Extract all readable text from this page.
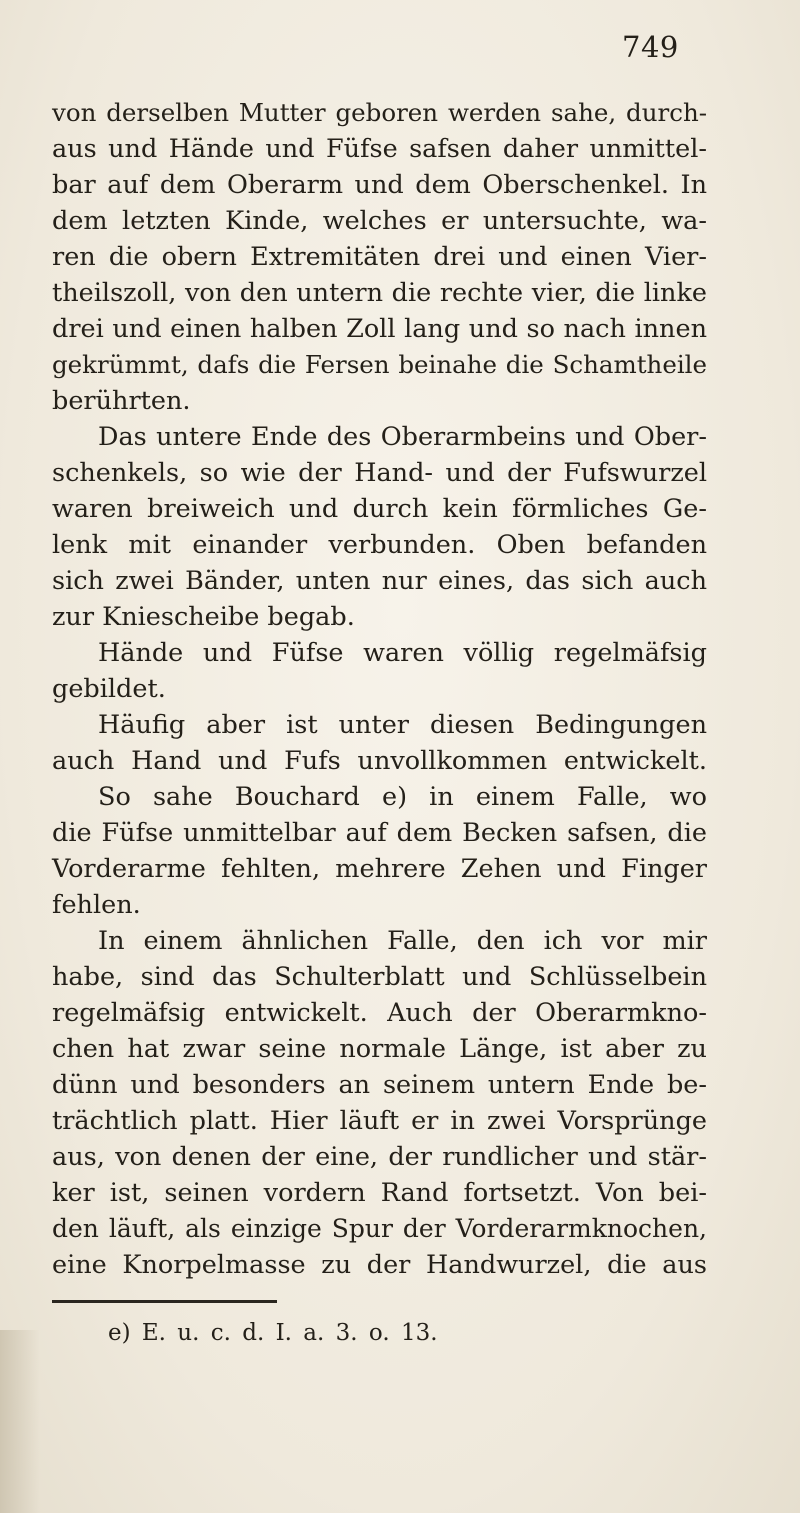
749
von derselben Mutter geboren werden sahe, durch-
aus und Hände und Füfse safsen daher unmittel-
bar auf dem Oberarm und dem Oberschenkel. In
dem letzten Kinde, welches er untersuchte, wa-
ren die obern Extremitäten drei und einen Vier-
theilszoll, von den untern die rechte vier, die linke
drei und einen halben Zoll lang und so nach innen
gekrümmt, dafs die Fersen beinahe die Schamtheile
berührten.
Das untere Ende des Oberarmbeins und Ober-
schenkels, so wie der Hand- und der Fufswurzel
waren breiweich und durch kein förmliches Ge-
lenk mit einander verbunden. Oben befanden
sich zwei Bänder, unten nur eines, das sich auch
zur Kniescheibe begab.
Hände und Füfse waren völlig regelmäfsig
gebildet.
Häufig aber ist unter diesen Bedingungen
auch Hand und Fufs unvollkommen entwickelt.
So sahe Bouchard e) in einem Falle, wo
die Füfse unmittelbar auf dem Becken safsen, die
Vorderarme fehlten, mehrere Zehen und Finger
fehlen.
In einem ähnlichen Falle, den ich vor mir
habe, sind das Schulterblatt und Schlüsselbein
regelmäfsig entwickelt. Auch der Oberarmkno-
chen hat zwar seine normale Länge, ist aber zu
dünn und besonders an seinem untern Ende be-
trächtlich platt. Hier läuft er in zwei Vorsprünge
aus, von denen der eine, der rundlicher und stär-
ker ist, seinen vordern Rand fortsetzt. Von bei-
den läuft, als einzige Spur der Vorderarmknochen,
eine Knorpelmasse zu der Handwurzel, die aus
e) E. u. c. d. I. a. 3. o. 13.
